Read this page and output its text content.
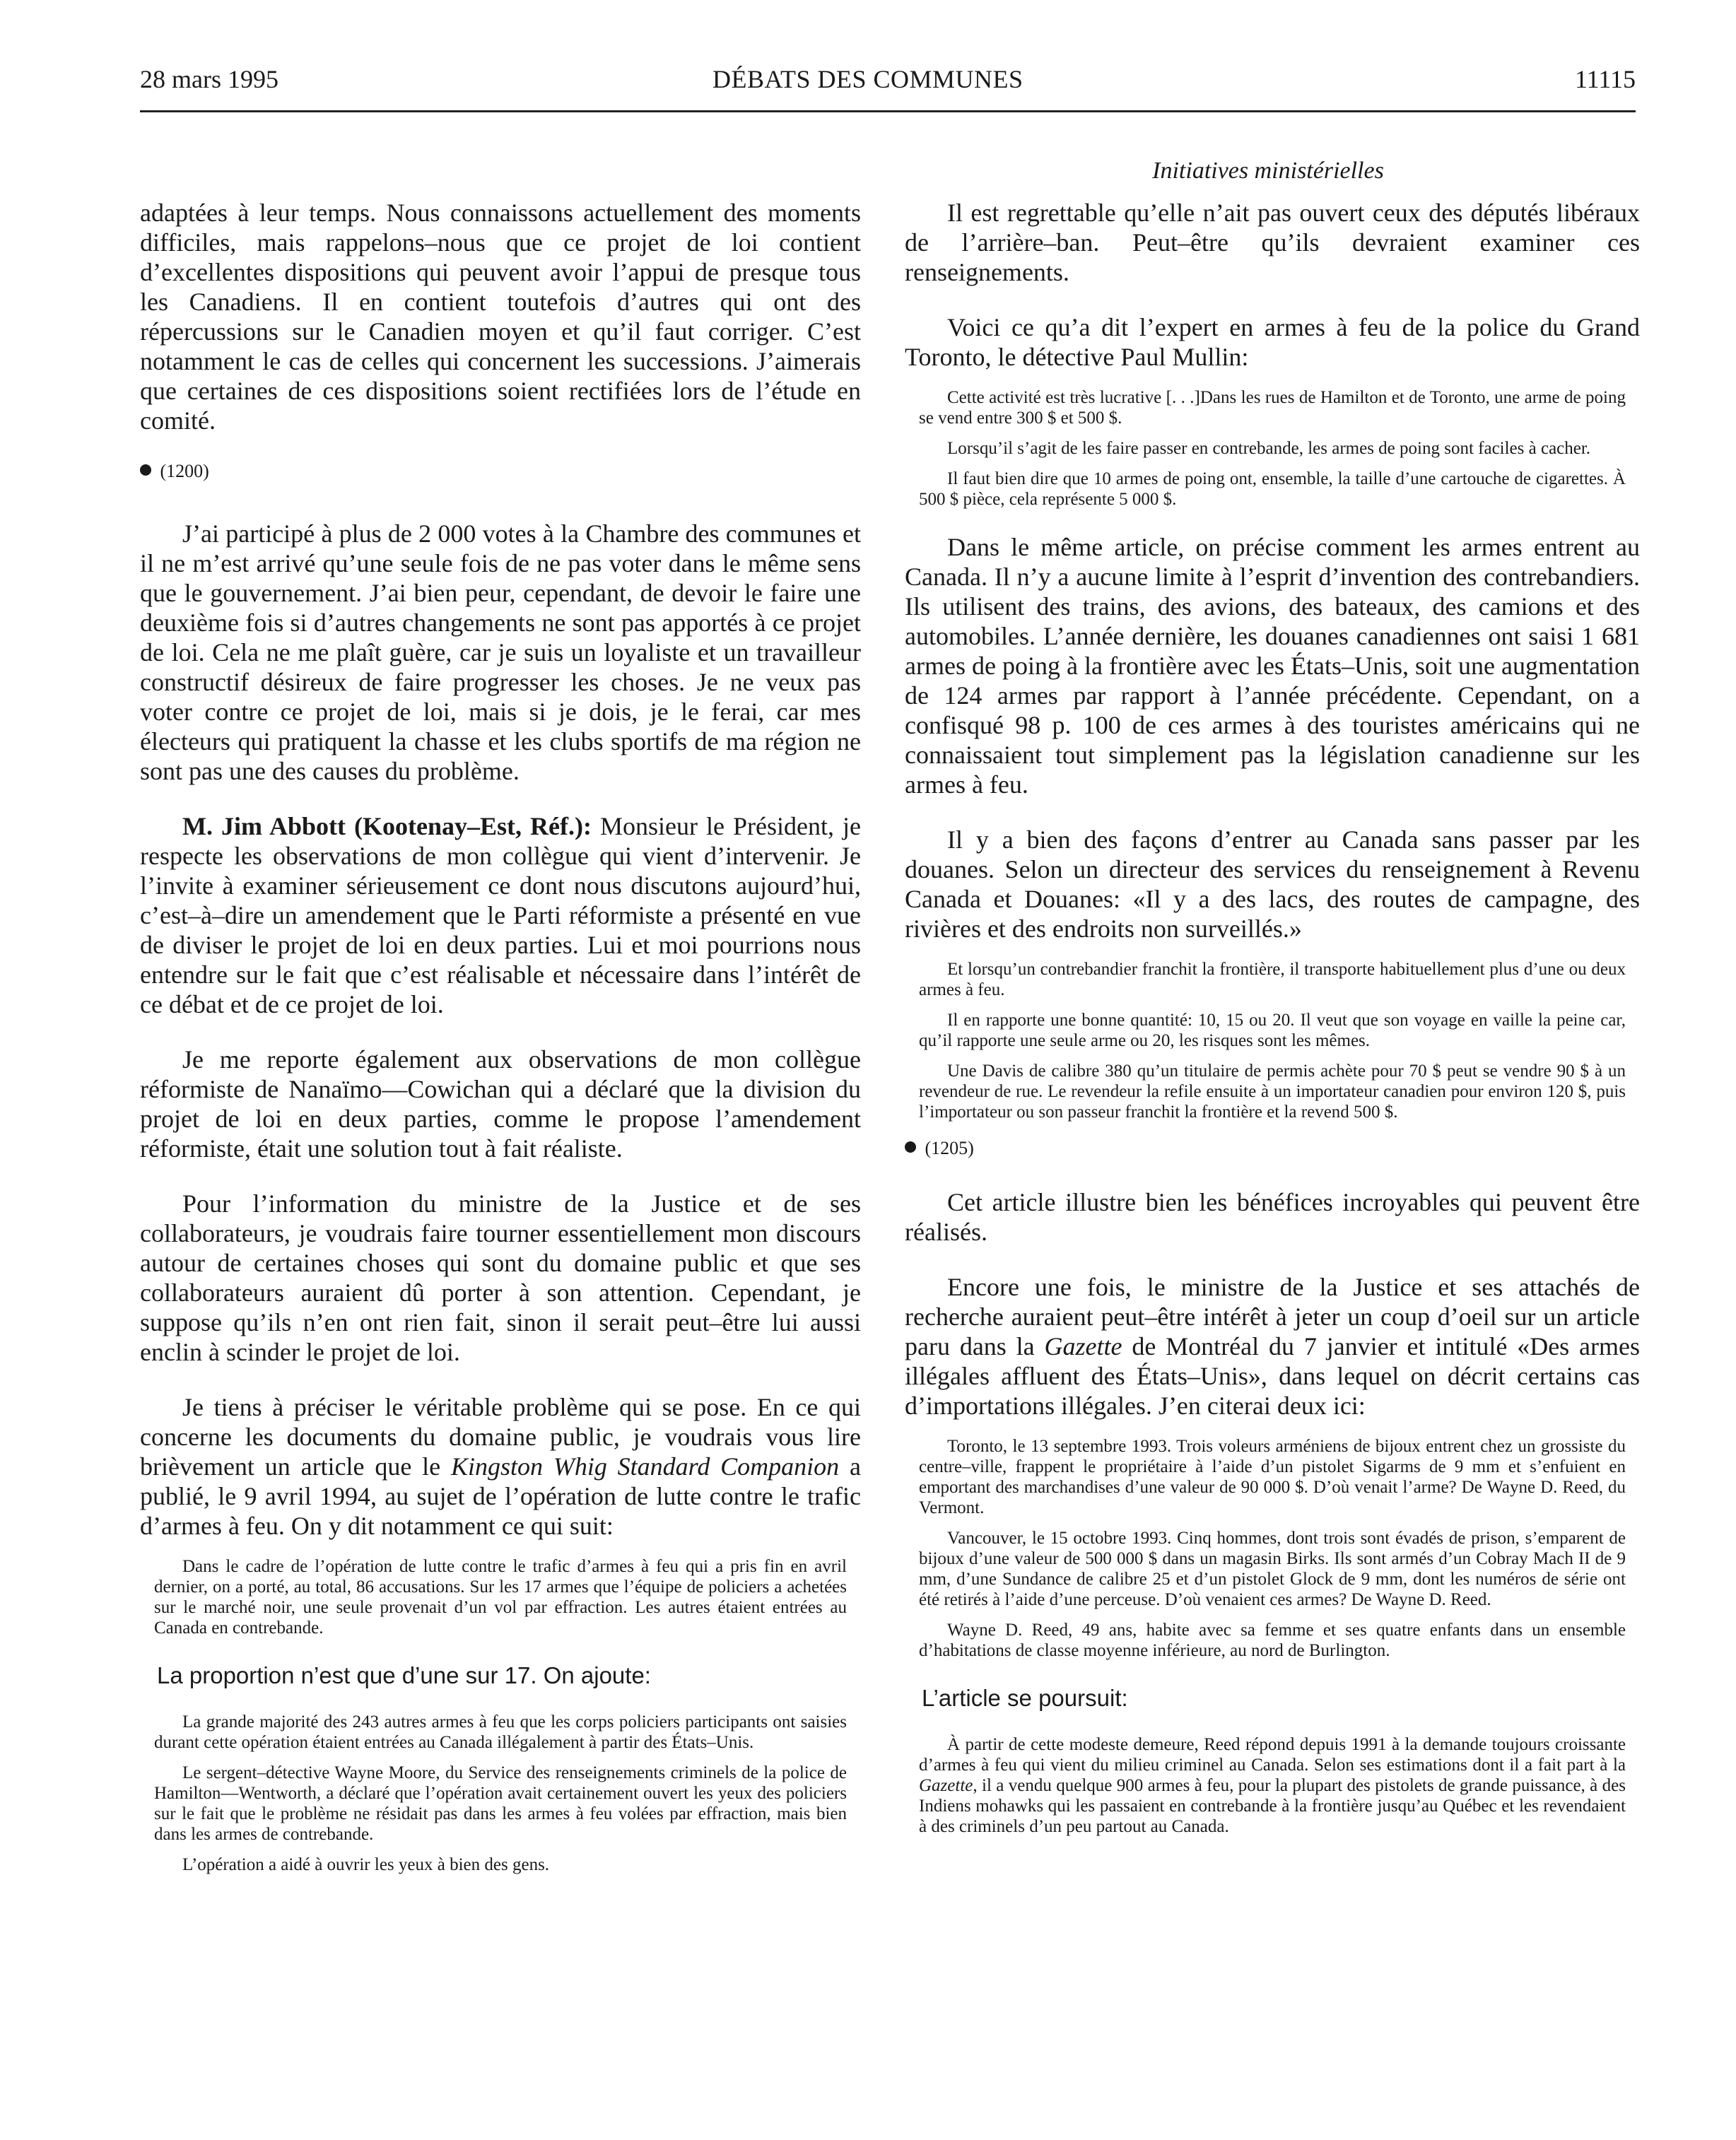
28 mars 1995	DÉBATS DES COMMUNES	11115
Initiatives ministérielles

adaptées à leur temps. Nous connaissons actuellement des moments difficiles, mais rappelons–nous que ce projet de loi contient d’excellentes dispositions qui peuvent avoir l’appui de presque tous les Canadiens. Il en contient toutefois d’autres qui ont des répercussions sur le Canadien moyen et qu’il faut corriger. C’est notamment le cas de celles qui concernent les successions. J’aimerais que certaines de ces dispositions soient rectifiées lors de l’étude en comité.

(1200)

J’ai participé à plus de 2 000 votes à la Chambre des communes et il ne m’est arrivé qu’une seule fois de ne pas voter dans le même sens que le gouvernement. J’ai bien peur, cependant, de devoir le faire une deuxième fois si d’autres changements ne sont pas apportés à ce projet de loi. Cela ne me plaît guère, car je suis un loyaliste et un travailleur constructif désireux de faire progresser les choses. Je ne veux pas voter contre ce projet de loi, mais si je dois, je le ferai, car mes électeurs qui pratiquent la chasse et les clubs sportifs de ma région ne sont pas une des causes du problème.

M. Jim Abbott (Kootenay–Est, Réf.): Monsieur le Président, je respecte les observations de mon collègue qui vient d’intervenir. Je l’invite à examiner sérieusement ce dont nous discutons aujourd’hui, c’est–à–dire un amendement que le Parti réformiste a présenté en vue de diviser le projet de loi en deux parties. Lui et moi pourrions nous entendre sur le fait que c’est réalisable et nécessaire dans l’intérêt de ce débat et de ce projet de loi.

Je me reporte également aux observations de mon collègue réformiste de Nanaïmo—Cowichan qui a déclaré que la division du projet de loi en deux parties, comme le propose l’amendement réformiste, était une solution tout à fait réaliste.

Pour l’information du ministre de la Justice et de ses collaborateurs, je voudrais faire tourner essentiellement mon discours autour de certaines choses qui sont du domaine public et que ses collaborateurs auraient dû porter à son attention. Cependant, je suppose qu’ils n’en ont rien fait, sinon il serait peut–être lui aussi enclin à scinder le projet de loi.

Je tiens à préciser le véritable problème qui se pose. En ce qui concerne les documents du domaine public, je voudrais vous lire brièvement un article que le Kingston Whig Standard Companion a publié, le 9 avril 1994, au sujet de l’opération de lutte contre le trafic d’armes à feu. On y dit notamment ce qui suit:

Dans le cadre de l’opération de lutte contre le trafic d’armes à feu qui a pris fin en avril dernier, on a porté, au total, 86 accusations. Sur les 17 armes que l’équipe de policiers a achetées sur le marché noir, une seule provenait d’un vol par effraction. Les autres étaient entrées au Canada en contrebande.

La proportion n’est que d’une sur 17. On ajoute:

La grande majorité des 243 autres armes à feu que les corps policiers participants ont saisies durant cette opération étaient entrées au Canada illégalement à partir des États–Unis.

Le sergent–détective Wayne Moore, du Service des renseignements criminels de la police de Hamilton—Wentworth, a déclaré que l’opération avait certainement ouvert les yeux des policiers sur le fait que le problème ne résidait pas dans les armes à feu volées par effraction, mais bien dans les armes de contrebande.

L’opération a aidé à ouvrir les yeux à bien des gens.

Il est regrettable qu’elle n’ait pas ouvert ceux des députés libéraux de l’arrière–ban. Peut–être qu’ils devraient examiner ces renseignements.

Voici ce qu’a dit l’expert en armes à feu de la police du Grand Toronto, le détective Paul Mullin:

Cette activité est très lucrative [. . .]Dans les rues de Hamilton et de Toronto, une arme de poing se vend entre 300 $ et 500 $.

Lorsqu’il s’agit de les faire passer en contrebande, les armes de poing sont faciles à cacher.

Il faut bien dire que 10 armes de poing ont, ensemble, la taille d’une cartouche de cigarettes. À 500 $ pièce, cela représente 5 000 $.

Dans le même article, on précise comment les armes entrent au Canada. Il n’y a aucune limite à l’esprit d’invention des contrebandiers. Ils utilisent des trains, des avions, des bateaux, des camions et des automobiles. L’année dernière, les douanes canadiennes ont saisi 1 681 armes de poing à la frontière avec les États–Unis, soit une augmentation de 124 armes par rapport à l’année précédente. Cependant, on a confisqué 98 p. 100 de ces armes à des touristes américains qui ne connaissaient tout simplement pas la législation canadienne sur les armes à feu.

Il y a bien des façons d’entrer au Canada sans passer par les douanes. Selon un directeur des services du renseignement à Revenu Canada et Douanes: «Il y a des lacs, des routes de campagne, des rivières et des endroits non surveillés.»

Et lorsqu’un contrebandier franchit la frontière, il transporte habituellement plus d’une ou deux armes à feu.

Il en rapporte une bonne quantité: 10, 15 ou 20. Il veut que son voyage en vaille la peine car, qu’il rapporte une seule arme ou 20, les risques sont les mêmes.

Une Davis de calibre 380 qu’un titulaire de permis achète pour 70 $ peut se vendre 90 $ à un revendeur de rue. Le revendeur la refile ensuite à un importateur canadien pour environ 120 $, puis l’importateur ou son passeur franchit la frontière et la revend 500 $.

(1205)

Cet article illustre bien les bénéfices incroyables qui peuvent être réalisés.

Encore une fois, le ministre de la Justice et ses attachés de recherche auraient peut–être intérêt à jeter un coup d’oeil sur un article paru dans la Gazette de Montréal du 7 janvier et intitulé «Des armes illégales affluent des États–Unis», dans lequel on décrit certains cas d’importations illégales. J’en citerai deux ici:

Toronto, le 13 septembre 1993. Trois voleurs arméniens de bijoux entrent chez un grossiste du centre–ville, frappent le propriétaire à l’aide d’un pistolet Sigarms de 9 mm et s’enfuient en emportant des marchandises d’une valeur de 90 000 $. D’où venait l’arme? De Wayne D. Reed, du Vermont.

Vancouver, le 15 octobre 1993. Cinq hommes, dont trois sont évadés de prison, s’emparent de bijoux d’une valeur de 500 000 $ dans un magasin Birks. Ils sont armés d’un Cobray Mach II de 9 mm, d’une Sundance de calibre 25 et d’un pistolet Glock de 9 mm, dont les numéros de série ont été retirés à l’aide d’une perceuse. D’où venaient ces armes? De Wayne D. Reed.

Wayne D. Reed, 49 ans, habite avec sa femme et ses quatre enfants dans un ensemble d’habitations de classe moyenne inférieure, au nord de Burlington.

L’article se poursuit:

À partir de cette modeste demeure, Reed répond depuis 1991 à la demande toujours croissante d’armes à feu qui vient du milieu criminel au Canada. Selon ses estimations dont il a fait part à la Gazette, il a vendu quelque 900 armes à feu, pour la plupart des pistolets de grande puissance, à des Indiens mohawks qui les passaient en contrebande à la frontière jusqu’au Québec et les revendaient à des criminels d’un peu partout au Canada.
